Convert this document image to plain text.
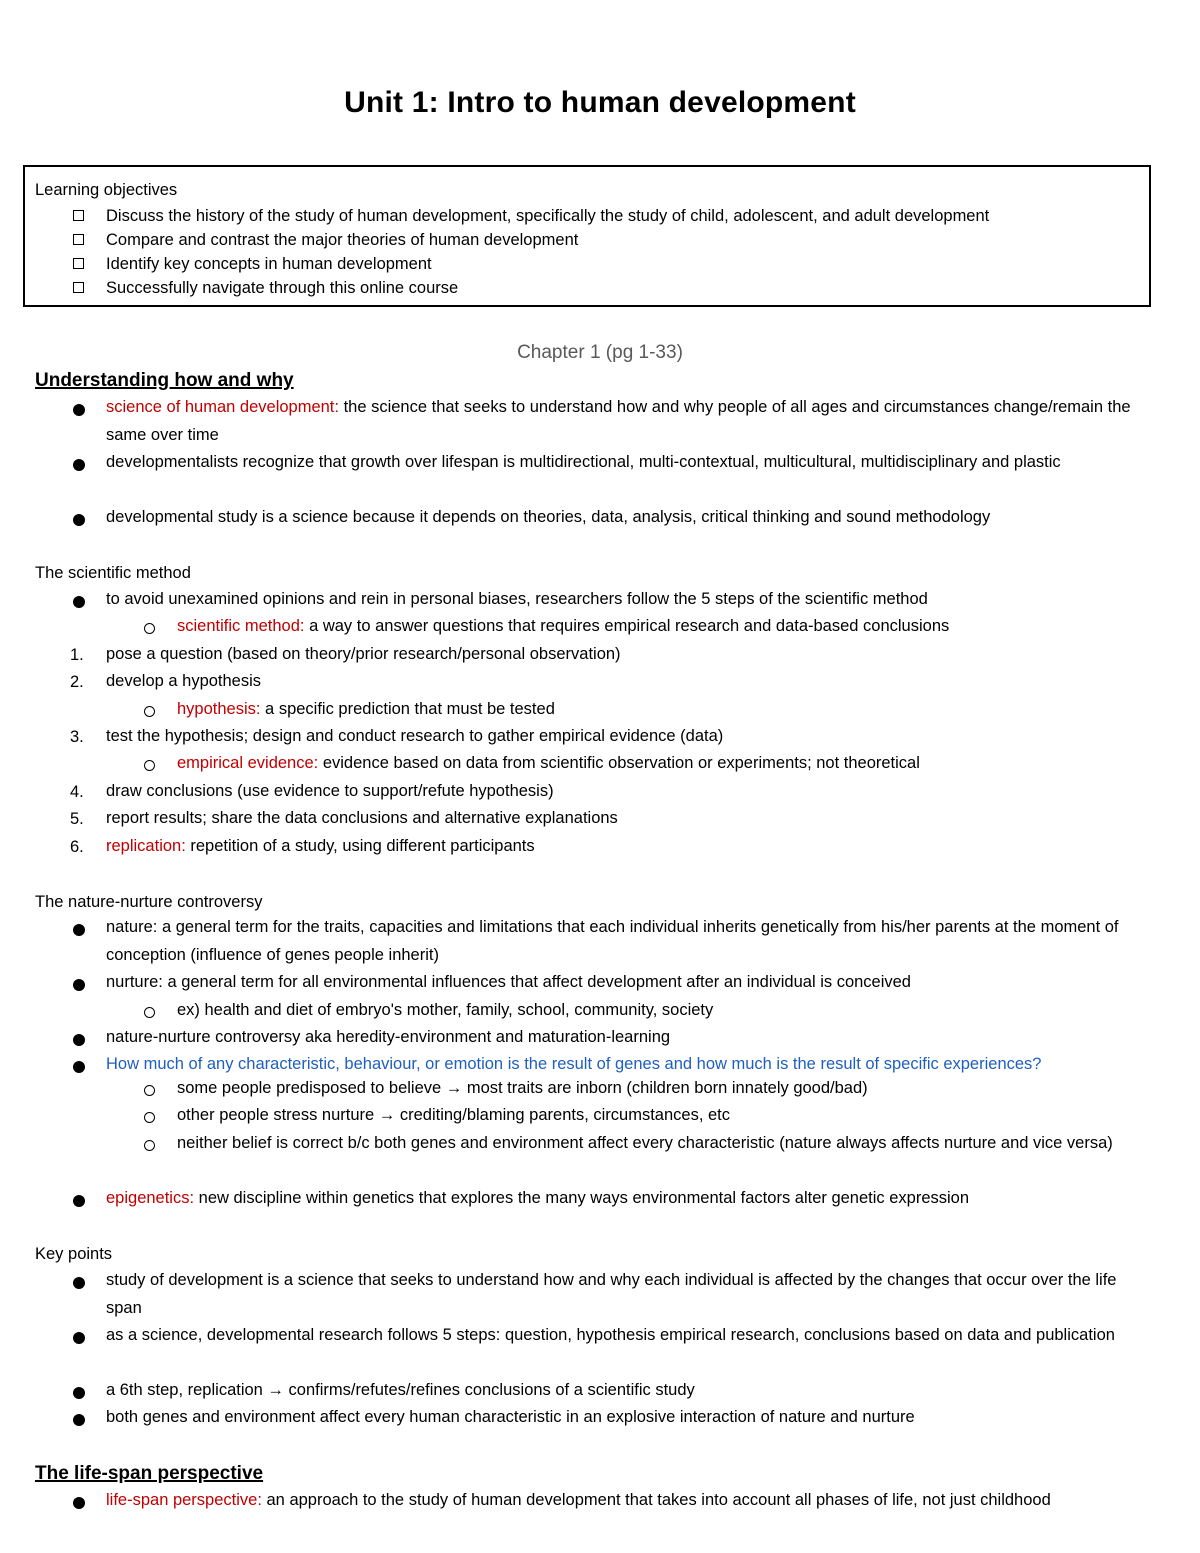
Unit 1: Intro to human development
Learning objectives
Discuss the history of the study of human development, specifically the study of child, adolescent, and adult development
Compare and contrast the major theories of human development
Identify key concepts in human development
Successfully navigate through this online course
Chapter 1 (pg 1-33)
Understanding how and why
science of human development: the science that seeks to understand how and why people of all ages and circumstances change/remain the same over time
developmentalists recognize that growth over lifespan is multidirectional, multi-contextual, multicultural, multidisciplinary and plastic
developmental study is a science because it depends on theories, data, analysis, critical thinking and sound methodology
The scientific method
to avoid unexamined opinions and rein in personal biases, researchers follow the 5 steps of the scientific method
scientific method: a way to answer questions that requires empirical research and data-based conclusions
1. pose a question (based on theory/prior research/personal observation)
2. develop a hypothesis
hypothesis: a specific prediction that must be tested
3. test the hypothesis; design and conduct research to gather empirical evidence (data)
empirical evidence: evidence based on data from scientific observation or experiments; not theoretical
4. draw conclusions (use evidence to support/refute hypothesis)
5. report results; share the data conclusions and alternative explanations
6. replication: repetition of a study, using different participants
The nature-nurture controversy
nature: a general term for the traits, capacities and limitations that each individual inherits genetically from his/her parents at the moment of conception (influence of genes people inherit)
nurture: a general term for all environmental influences that affect development after an individual is conceived
ex) health and diet of embryo's mother, family, school, community, society
nature-nurture controversy aka heredity-environment and maturation-learning
How much of any characteristic, behaviour, or emotion is the result of genes and how much is the result of specific experiences?
some people predisposed to believe → most traits are inborn (children born innately good/bad)
other people stress nurture → crediting/blaming parents, circumstances, etc
neither belief is correct b/c both genes and environment affect every characteristic (nature always affects nurture and vice versa)
epigenetics: new discipline within genetics that explores the many ways environmental factors alter genetic expression
Key points
study of development is a science that seeks to understand how and why each individual is affected by the changes that occur over the life span
as a science, developmental research follows 5 steps: question, hypothesis empirical research, conclusions based on data and publication
a 6th step, replication → confirms/refutes/refines conclusions of a scientific study
both genes and environment affect every human characteristic in an explosive interaction of nature and nurture
The life-span perspective
life-span perspective: an approach to the study of human development that takes into account all phases of life, not just childhood
